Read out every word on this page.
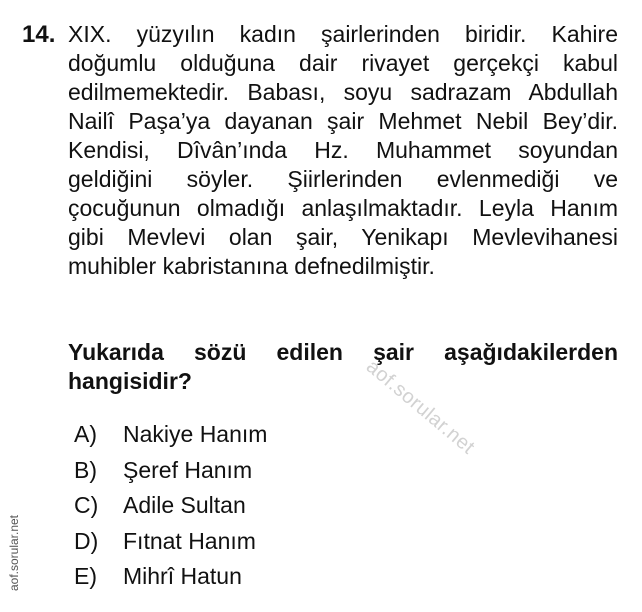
14. XIX. yüzyılın kadın şairlerinden biridir. Kahire doğumlu olduğuna dair rivayet gerçekçi kabul edilmemektedir. Babası, soyu sadrazam Abdullah Nailî Paşa’ya dayanan şair Mehmet Nebil Bey’dir. Kendisi, Dîvân’ında Hz. Muhammet soyundan geldiğini söyler. Şiirlerinden evlenmediği ve çocuğunun olmadığı anlaşılmaktadır. Leyla Hanım gibi Mevlevi olan şair, Yenikapı Mevlevihanesi muhibler kabristanına defnedilmiştir.
Yukarıda sözü edilen şair aşağıdakilerden hangisidir?
A)	Nakiye Hanım
B)	Şeref Hanım
C)	Adile Sultan
D)	Fıtnat Hanım
E)	Mihrî Hatun
aof.sorular.net
aof.sorular.net
